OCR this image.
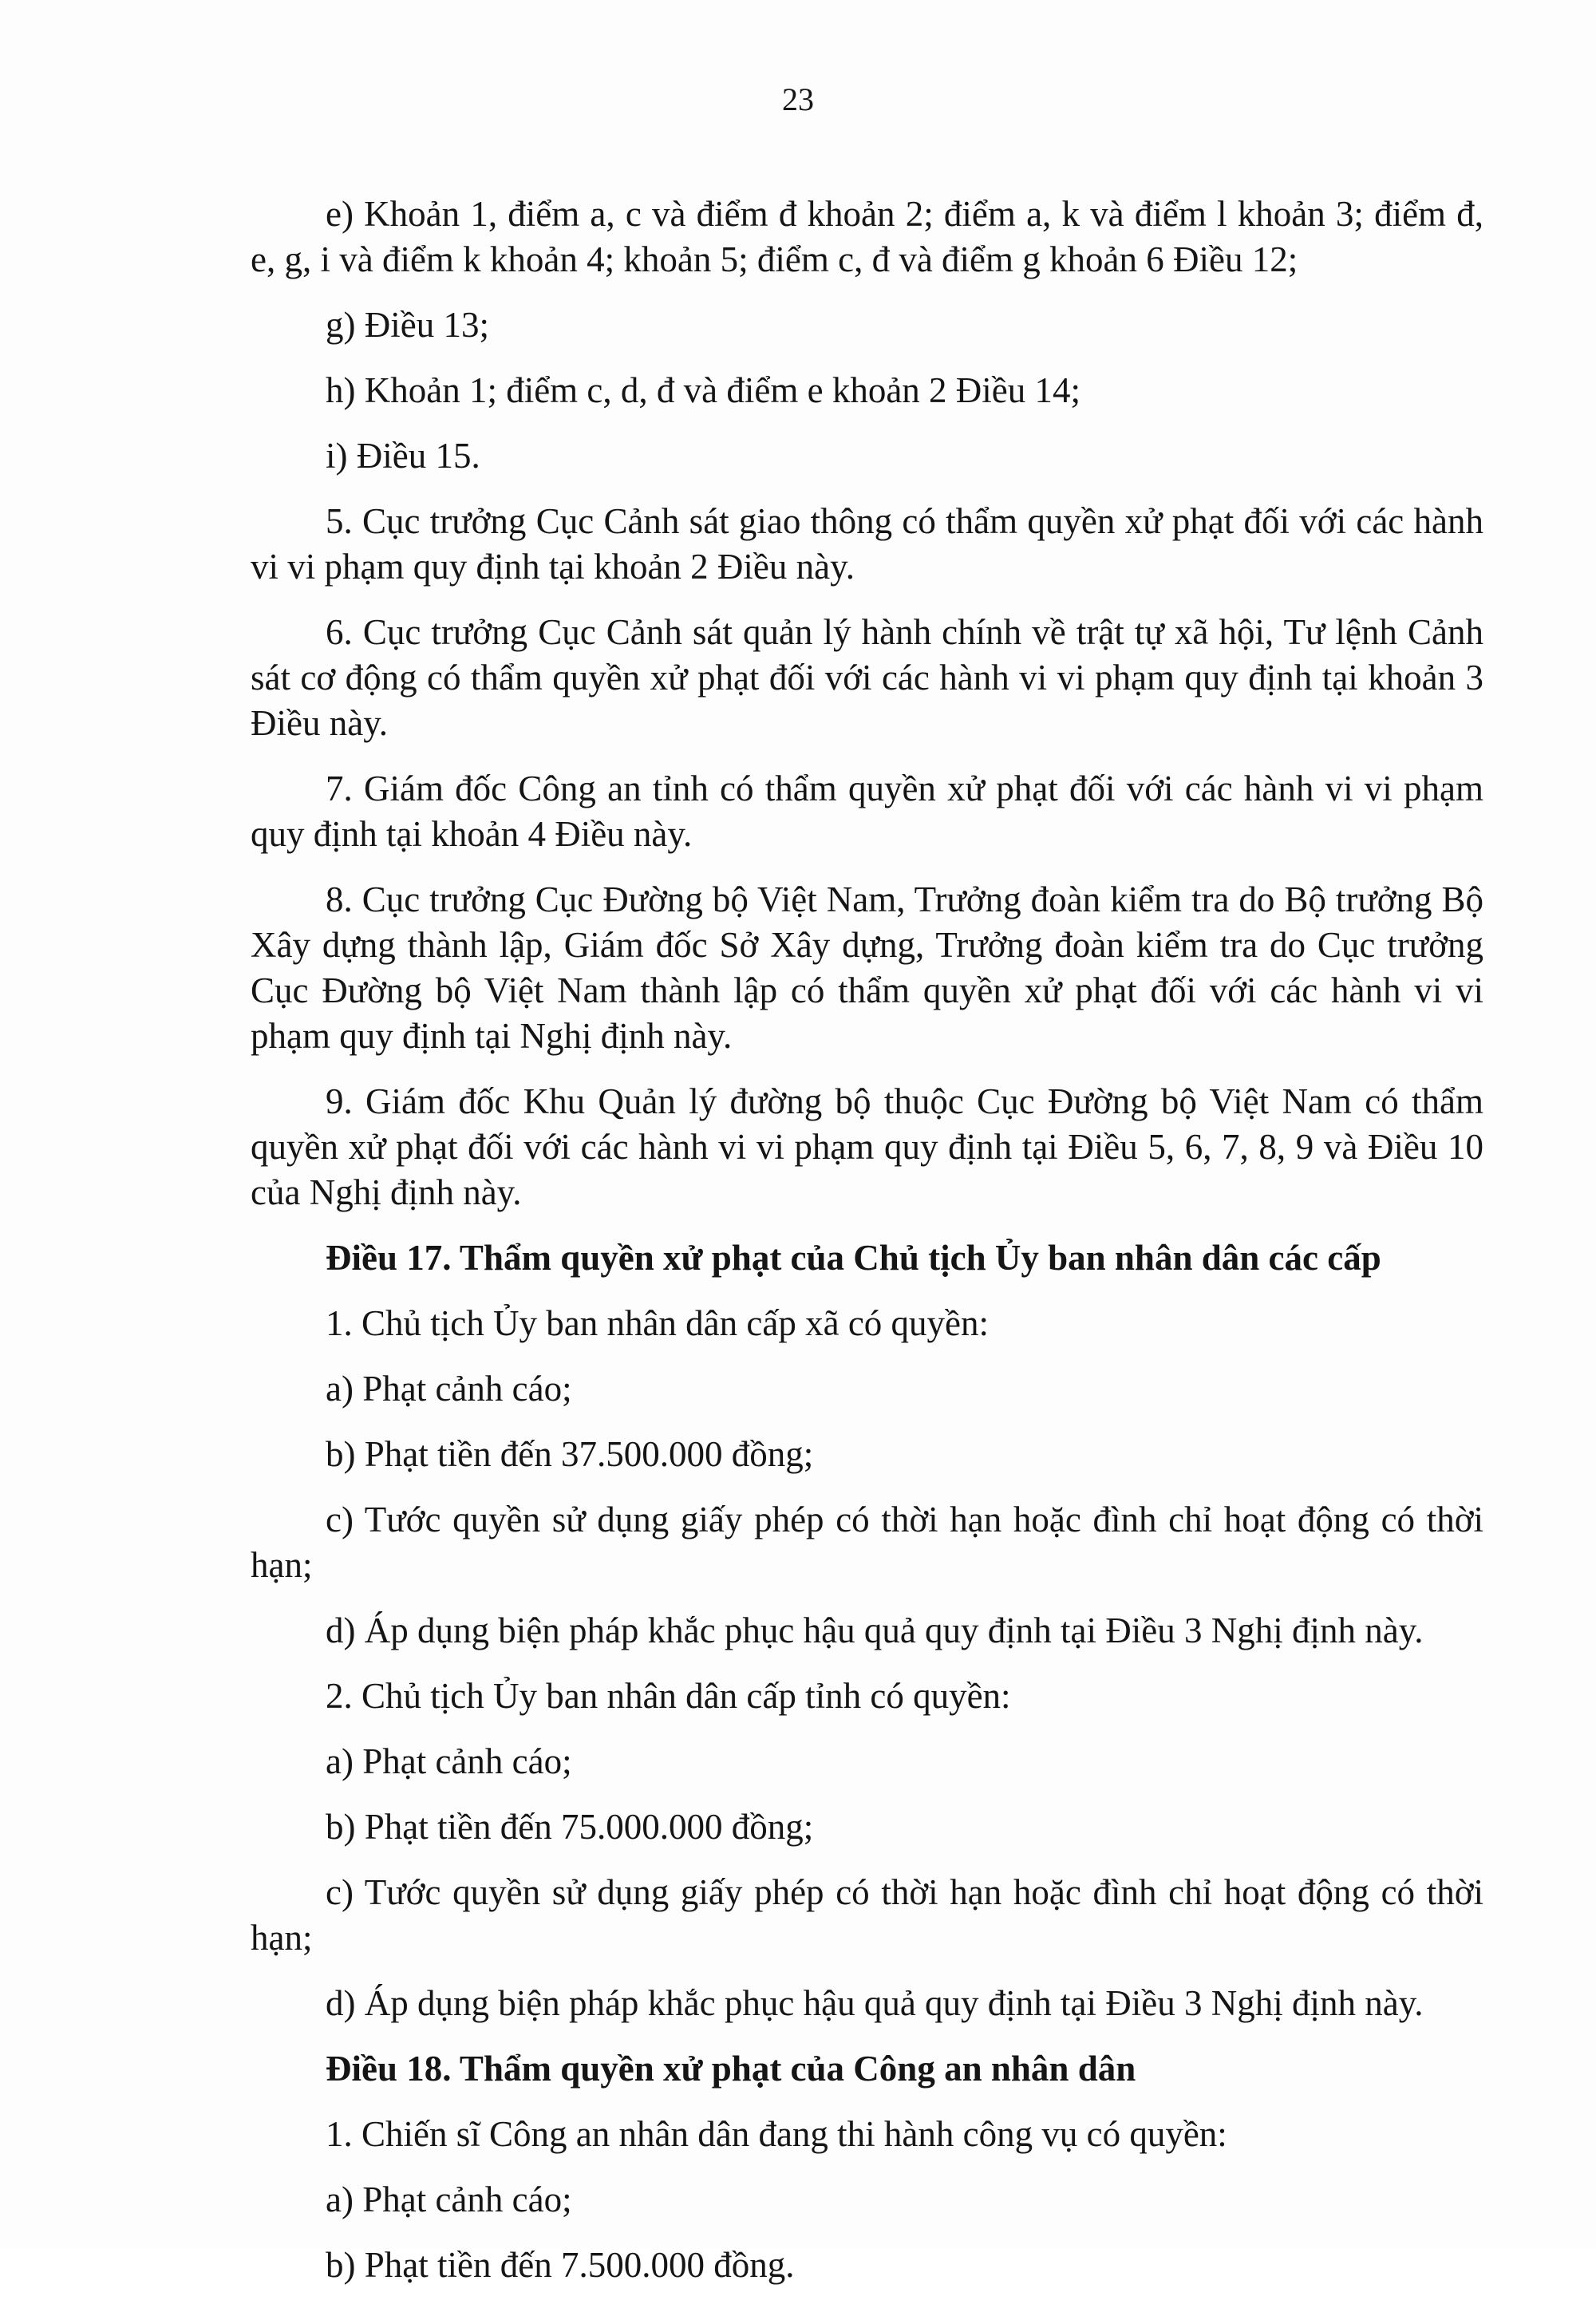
23

e) Khoản 1, điểm a, c và điểm đ khoản 2; điểm a, k và điểm l khoản 3; điểm đ, e, g, i và điểm k khoản 4; khoản 5; điểm c, đ và điểm g khoản 6 Điều 12;

g) Điều 13;

h) Khoản 1; điểm c, d, đ và điểm e khoản 2 Điều 14;

i) Điều 15.

5. Cục trưởng Cục Cảnh sát giao thông có thẩm quyền xử phạt đối với các hành vi vi phạm quy định tại khoản 2 Điều này.

6. Cục trưởng Cục Cảnh sát quản lý hành chính về trật tự xã hội, Tư lệnh Cảnh sát cơ động có thẩm quyền xử phạt đối với các hành vi vi phạm quy định tại khoản 3 Điều này.

7. Giám đốc Công an tỉnh có thẩm quyền xử phạt đối với các hành vi vi phạm quy định tại khoản 4 Điều này.

8. Cục trưởng Cục Đường bộ Việt Nam, Trưởng đoàn kiểm tra do Bộ trưởng Bộ Xây dựng thành lập, Giám đốc Sở Xây dựng, Trưởng đoàn kiểm tra do Cục trưởng Cục Đường bộ Việt Nam thành lập có thẩm quyền xử phạt đối với các hành vi vi phạm quy định tại Nghị định này.

9. Giám đốc Khu Quản lý đường bộ thuộc Cục Đường bộ Việt Nam có thẩm quyền xử phạt đối với các hành vi vi phạm quy định tại Điều 5, 6, 7, 8, 9 và Điều 10 của Nghị định này.

Điều 17. Thẩm quyền xử phạt của Chủ tịch Ủy ban nhân dân các cấp

1. Chủ tịch Ủy ban nhân dân cấp xã có quyền:

a) Phạt cảnh cáo;

b) Phạt tiền đến 37.500.000 đồng;

c) Tước quyền sử dụng giấy phép có thời hạn hoặc đình chỉ hoạt động có thời hạn;

d) Áp dụng biện pháp khắc phục hậu quả quy định tại Điều 3 Nghị định này.

2. Chủ tịch Ủy ban nhân dân cấp tỉnh có quyền:

a) Phạt cảnh cáo;

b) Phạt tiền đến 75.000.000 đồng;

c) Tước quyền sử dụng giấy phép có thời hạn hoặc đình chỉ hoạt động có thời hạn;

d) Áp dụng biện pháp khắc phục hậu quả quy định tại Điều 3 Nghị định này.

Điều 18. Thẩm quyền xử phạt của Công an nhân dân

1. Chiến sĩ Công an nhân dân đang thi hành công vụ có quyền:

a) Phạt cảnh cáo;

b) Phạt tiền đến 7.500.000 đồng.
